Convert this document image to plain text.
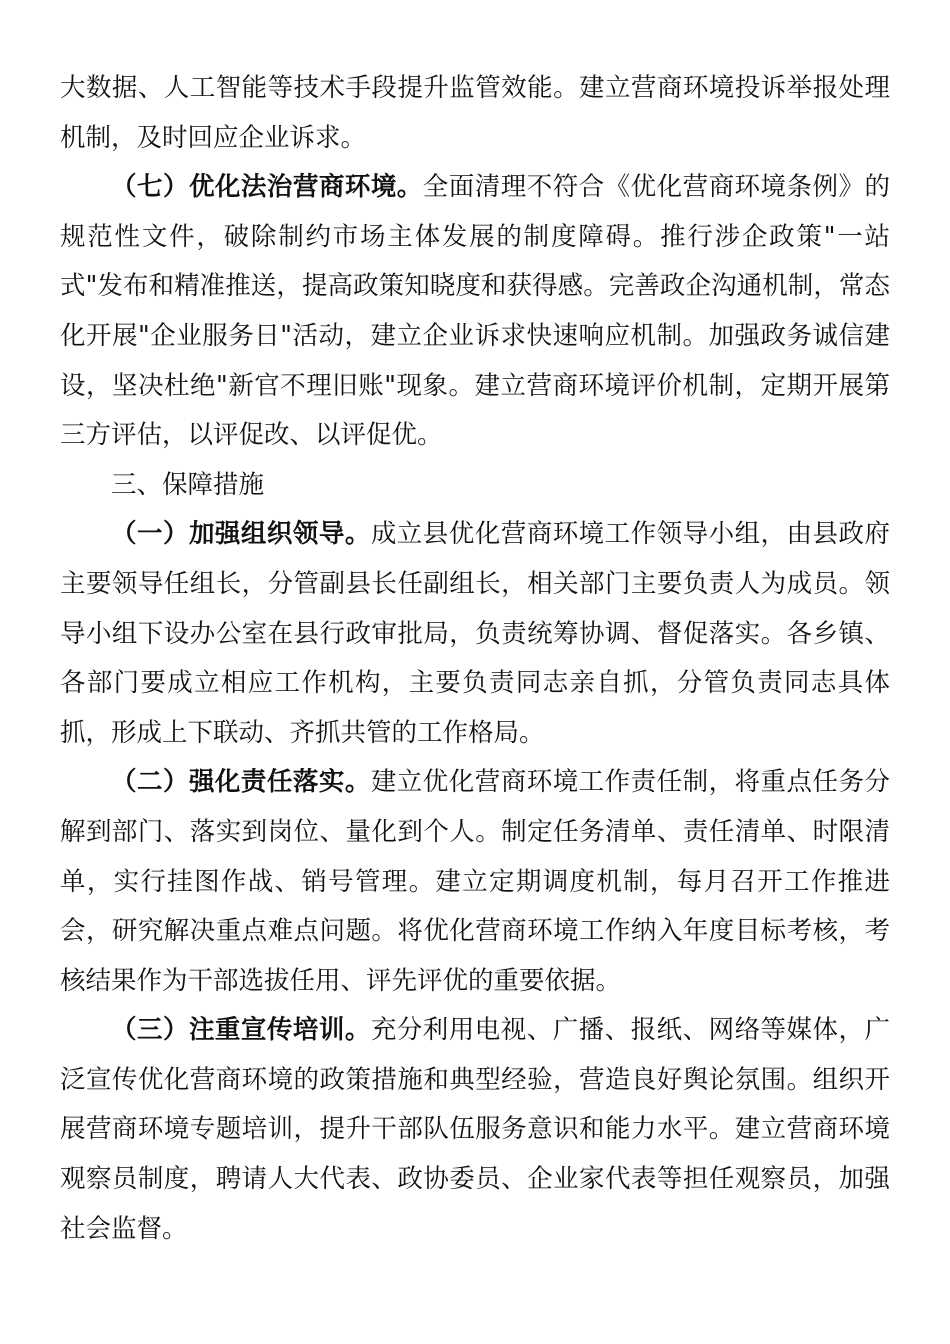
大数据、人工智能等技术手段提升监管效能。建立营商环境投诉举报处理机制，及时回应企业诉求。

（七）优化法治营商环境。全面清理不符合《优化营商环境条例》的规范性文件，破除制约市场主体发展的制度障碍。推行涉企政策"一站式"发布和精准推送，提高政策知晓度和获得感。完善政企沟通机制，常态化开展"企业服务日"活动，建立企业诉求快速响应机制。加强政务诚信建设，坚决杜绝"新官不理旧账"现象。建立营商环境评价机制，定期开展第三方评估，以评促改、以评促优。

三、保障措施

（一）加强组织领导。成立县优化营商环境工作领导小组，由县政府主要领导任组长，分管副县长任副组长，相关部门主要负责人为成员。领导小组下设办公室在县行政审批局，负责统筹协调、督促落实。各乡镇、各部门要成立相应工作机构，主要负责同志亲自抓，分管负责同志具体抓，形成上下联动、齐抓共管的工作格局。

（二）强化责任落实。建立优化营商环境工作责任制，将重点任务分解到部门、落实到岗位、量化到个人。制定任务清单、责任清单、时限清单，实行挂图作战、销号管理。建立定期调度机制，每月召开工作推进会，研究解决重点难点问题。将优化营商环境工作纳入年度目标考核，考核结果作为干部选拔任用、评先评优的重要依据。

（三）注重宣传培训。充分利用电视、广播、报纸、网络等媒体，广泛宣传优化营商环境的政策措施和典型经验，营造良好舆论氛围。组织开展营商环境专题培训，提升干部队伍服务意识和能力水平。建立营商环境观察员制度，聘请人大代表、政协委员、企业家代表等担任观察员，加强社会监督。
